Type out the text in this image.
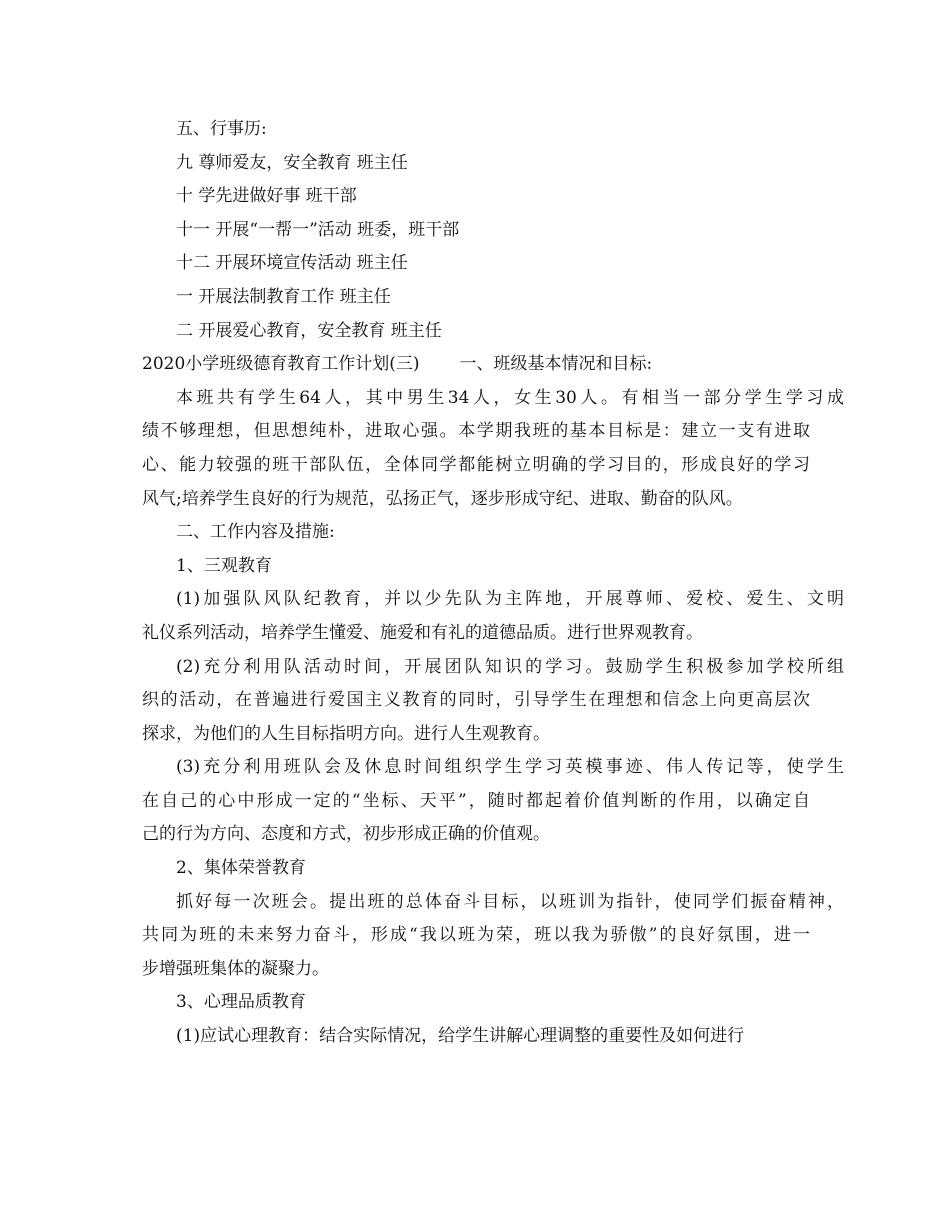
五、行事历:
九 尊师爱友，安全教育 班主任
十 学先进做好事 班干部
十一 开展“一帮一”活动 班委，班干部
十二 开展环境宣传活动 班主任
一 开展法制教育工作 班主任
二 开展爱心教育，安全教育 班主任
2020小学班级德育教育工作计划(三) 一、班级基本情况和目标:
本班共有学生64人，其中男生34人，女生30人。有相当一部分学生学习成
绩不够理想，但思想纯朴，进取心强。本学期我班的基本目标是：建立一支有进取
心、能力较强的班干部队伍，全体同学都能树立明确的学习目的，形成良好的学习
风气;培养学生良好的行为规范，弘扬正气，逐步形成守纪、进取、勤奋的队风。
二、工作内容及措施:
1、三观教育
(1)加强队风队纪教育，并以少先队为主阵地，开展尊师、爱校、爱生、文明
礼仪系列活动，培养学生懂爱、施爱和有礼的道德品质。进行世界观教育。
(2)充分利用队活动时间，开展团队知识的学习。鼓励学生积极参加学校所组
织的活动，在普遍进行爱国主义教育的同时，引导学生在理想和信念上向更高层次
探求，为他们的人生目标指明方向。进行人生观教育。
(3)充分利用班队会及休息时间组织学生学习英模事迹、伟人传记等，使学生
在自己的心中形成一定的“坐标、天平”，随时都起着价值判断的作用，以确定自
己的行为方向、态度和方式，初步形成正确的价值观。
2、集体荣誉教育
抓好每一次班会。提出班的总体奋斗目标，以班训为指针，使同学们振奋精神，
共同为班的未来努力奋斗，形成“我以班为荣，班以我为骄傲”的良好氛围，进一
步增强班集体的凝聚力。
3、心理品质教育
(1)应试心理教育：结合实际情况，给学生讲解心理调整的重要性及如何进行
